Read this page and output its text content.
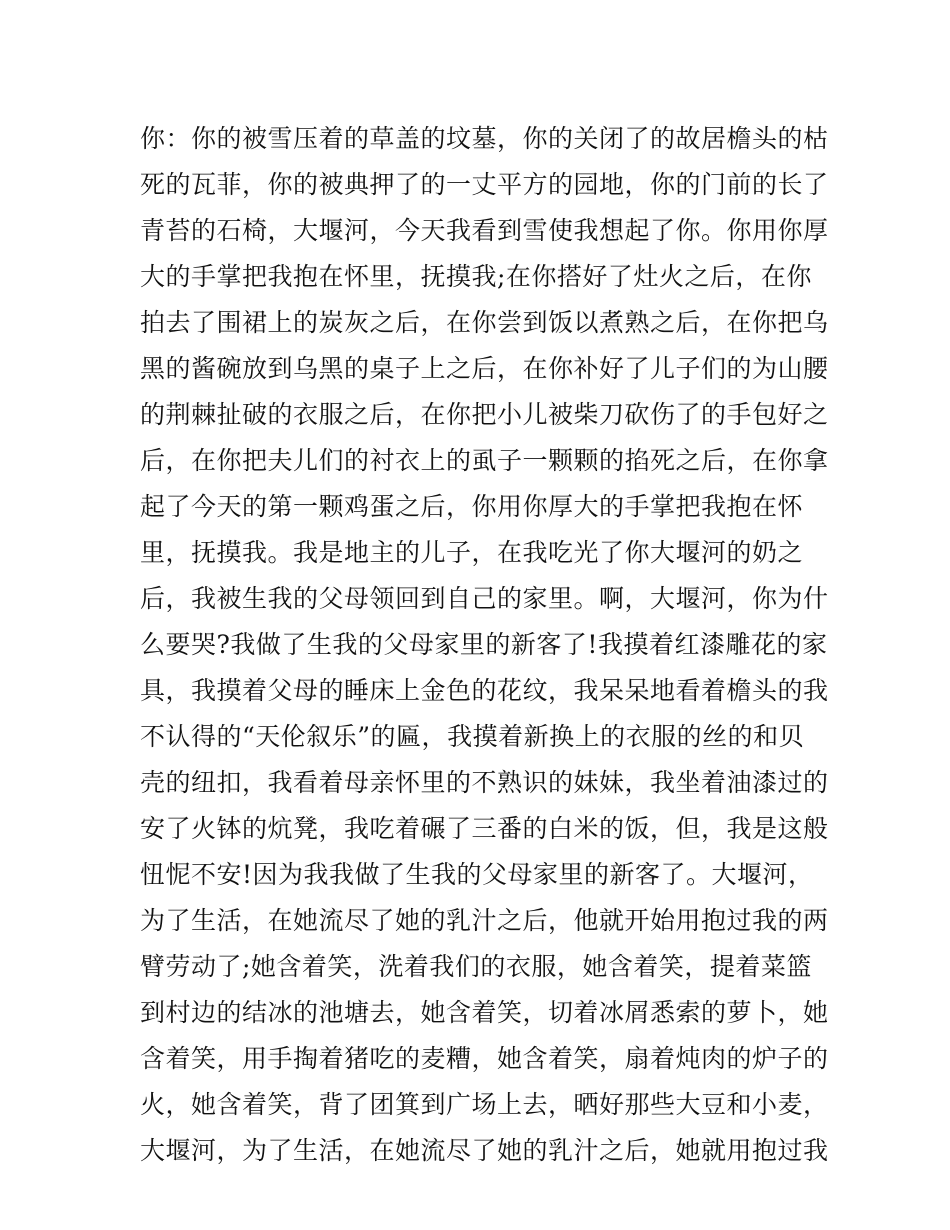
你：你的被雪压着的草盖的坟墓，你的关闭了的故居檐头的枯
死的瓦菲，你的被典押了的一丈平方的园地，你的门前的长了
青苔的石椅，大堰河，今天我看到雪使我想起了你。你用你厚
大的手掌把我抱在怀里，抚摸我;在你搭好了灶火之后，在你
拍去了围裙上的炭灰之后，在你尝到饭以煮熟之后，在你把乌
黑的酱碗放到乌黑的桌子上之后，在你补好了儿子们的为山腰
的荆棘扯破的衣服之后，在你把小儿被柴刀砍伤了的手包好之
后，在你把夫儿们的衬衣上的虱子一颗颗的掐死之后，在你拿
起了今天的第一颗鸡蛋之后，你用你厚大的手掌把我抱在怀
里，抚摸我。我是地主的儿子，在我吃光了你大堰河的奶之
后，我被生我的父母领回到自己的家里。啊，大堰河，你为什
么要哭?我做了生我的父母家里的新客了!我摸着红漆雕花的家
具，我摸着父母的睡床上金色的花纹，我呆呆地看着檐头的我
不认得的“天伦叙乐”的匾，我摸着新换上的衣服的丝的和贝
壳的纽扣，我看着母亲怀里的不熟识的妹妹，我坐着油漆过的
安了火钵的炕凳，我吃着碾了三番的白米的饭，但，我是这般
忸怩不安!因为我我做了生我的父母家里的新客了。大堰河，
为了生活，在她流尽了她的乳汁之后，他就开始用抱过我的两
臂劳动了;她含着笑，洗着我们的衣服，她含着笑，提着菜篮
到村边的结冰的池塘去，她含着笑，切着冰屑悉索的萝卜，她
含着笑，用手掏着猪吃的麦糟，她含着笑，扇着炖肉的炉子的
火，她含着笑，背了团箕到广场上去，晒好那些大豆和小麦，
大堰河，为了生活，在她流尽了她的乳汁之后，她就用抱过我
